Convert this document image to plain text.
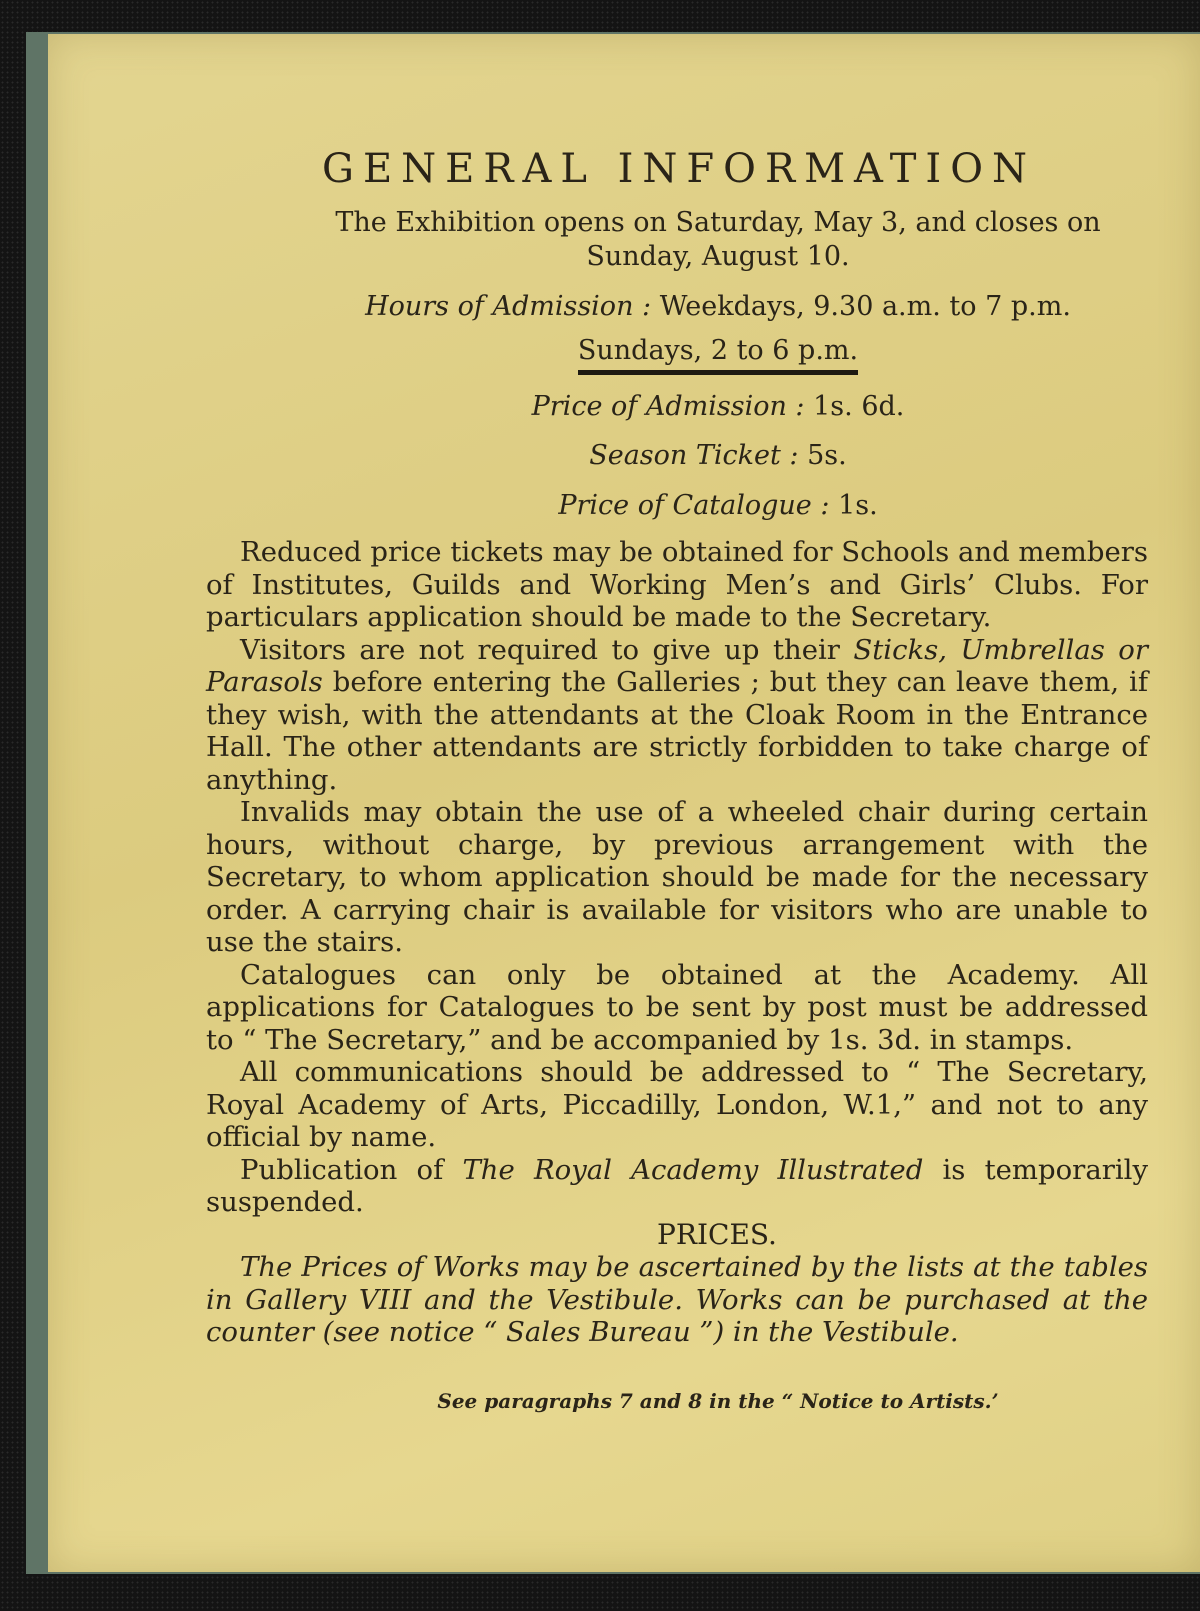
GENERAL INFORMATION
The Exhibition opens on Saturday, May 3, and closes on
Sunday, August 10.
Hours of Admission : Weekdays, 9.30 a.m. to 7 p.m.
Sundays, 2 to 6 p.m.
Price of Admission : 1s. 6d.
Season Ticket : 5s.
Price of Catalogue : 1s.

Reduced price tickets may be obtained for Schools and members of Institutes, Guilds and Working Men’s and Girls’ Clubs. For particulars application should be made to the Secretary.

Visitors are not required to give up their Sticks, Umbrellas or Parasols before entering the Galleries ; but they can leave them, if they wish, with the attendants at the Cloak Room in the Entrance Hall. The other attendants are strictly forbidden to take charge of anything.

Invalids may obtain the use of a wheeled chair during certain hours, without charge, by previous arrangement with the Secretary, to whom application should be made for the necessary order. A carrying chair is available for visitors who are unable to use the stairs.

Catalogues can only be obtained at the Academy. All applications for Catalogues to be sent by post must be addressed to “ The Secretary,” and be accompanied by 1s. 3d. in stamps.

All communications should be addressed to “ The Secretary, Royal Academy of Arts, Piccadilly, London, W.1,” and not to any official by name.

Publication of The Royal Academy Illustrated is temporarily suspended.

PRICES.

The Prices of Works may be ascertained by the lists at the tables in Gallery VIII and the Vestibule. Works can be purchased at the counter (see notice “ Sales Bureau ”) in the Vestibule.

See paragraphs 7 and 8 in the “ Notice to Artists.’
